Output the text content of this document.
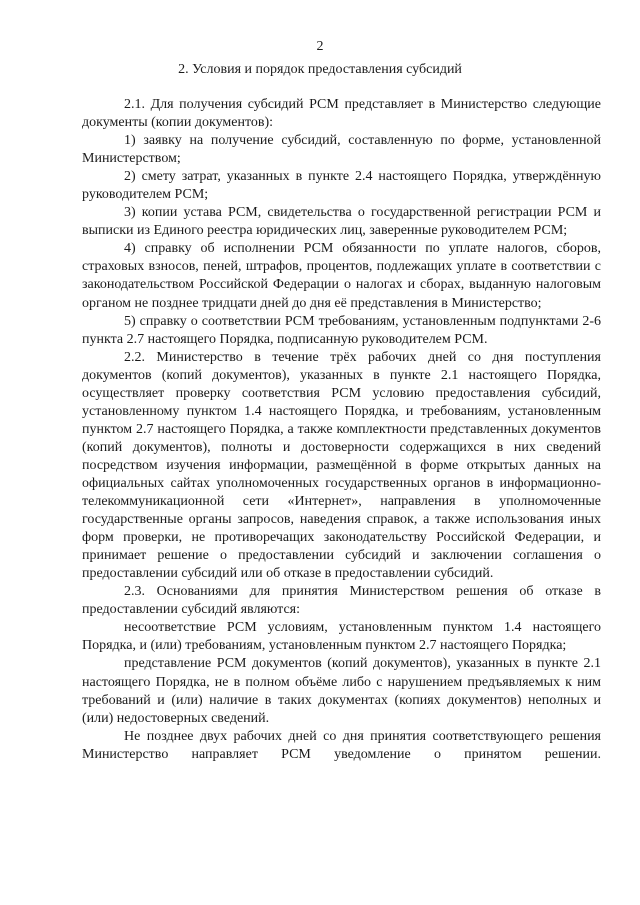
2
2. Условия и порядок предоставления субсидий

2.1. Для получения субсидий РСМ представляет в Министерство следующие документы (копии документов):

1) заявку на получение субсидий, составленную по форме, установленной Министерством;

2) смету затрат, указанных в пункте 2.4 настоящего Порядка, утверждённую руководителем РСМ;

3) копии устава РСМ, свидетельства о государственной регистрации РСМ и выписки из Единого реестра юридических лиц, заверенные руководителем РСМ;

4) справку об исполнении РСМ обязанности по уплате налогов, сборов, страховых взносов, пеней, штрафов, процентов, подлежащих уплате в соответствии с законодательством Российской Федерации о налогах и сборах, выданную налоговым органом не позднее тридцати дней до дня её представления в Министерство;

5) справку о соответствии РСМ требованиям, установленным подпунктами 2-6 пункта 2.7 настоящего Порядка, подписанную руководителем РСМ.

2.2. Министерство в течение трёх рабочих дней со дня поступления документов (копий документов), указанных в пункте 2.1 настоящего Порядка, осуществляет проверку соответствия РСМ условию предоставления субсидий, установленному пунктом 1.4 настоящего Порядка, и требованиям, установленным пунктом 2.7 настоящего Порядка, а также комплектности представленных документов (копий документов), полноты и достоверности содержащихся в них сведений посредством изучения информации, размещённой в форме открытых данных на официальных сайтах уполномоченных государственных органов в информационно-телекоммуникационной сети «Интернет», направления в уполномоченные государственные органы запросов, наведения справок, а также использования иных форм проверки, не противоречащих законодательству Российской Федерации, и принимает решение о предоставлении субсидий и заключении соглашения о предоставлении субсидий или об отказе в предоставлении субсидий.

2.3. Основаниями для принятия Министерством решения об отказе в предоставлении субсидий являются:

несоответствие РСМ условиям, установленным пунктом 1.4 настоящего Порядка, и (или) требованиям, установленным пунктом 2.7 настоящего Порядка;

представление РСМ документов (копий документов), указанных в пункте 2.1 настоящего Порядка, не в полном объёме либо с нарушением предъявляемых к ним требований и (или) наличие в таких документах (копиях документов) неполных и (или) недостоверных сведений.

Не позднее двух рабочих дней со дня принятия соответствующего решения Министерство направляет РСМ уведомление о принятом решении.
